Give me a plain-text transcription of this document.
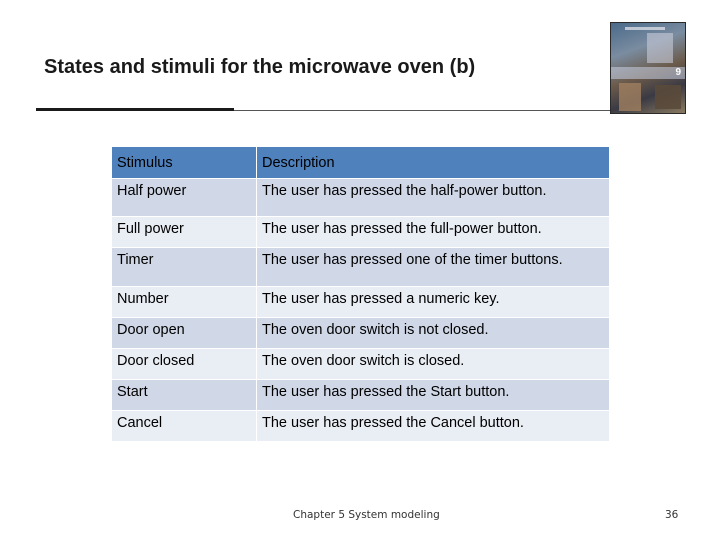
States and stimuli for the microwave oven (b)	9
Stimulus	Description
Half power	The user has pressed the half-power button.
Full power	The user has pressed the full-power button.
Timer	The user has pressed one of the timer buttons.
Number	The user has pressed a numeric key.
Door open	The oven door switch is not closed.
Door closed	The oven door switch is closed.
Start	The user has pressed the Start button.
Cancel	The user has pressed the Cancel button.
Chapter 5 System modeling	36
